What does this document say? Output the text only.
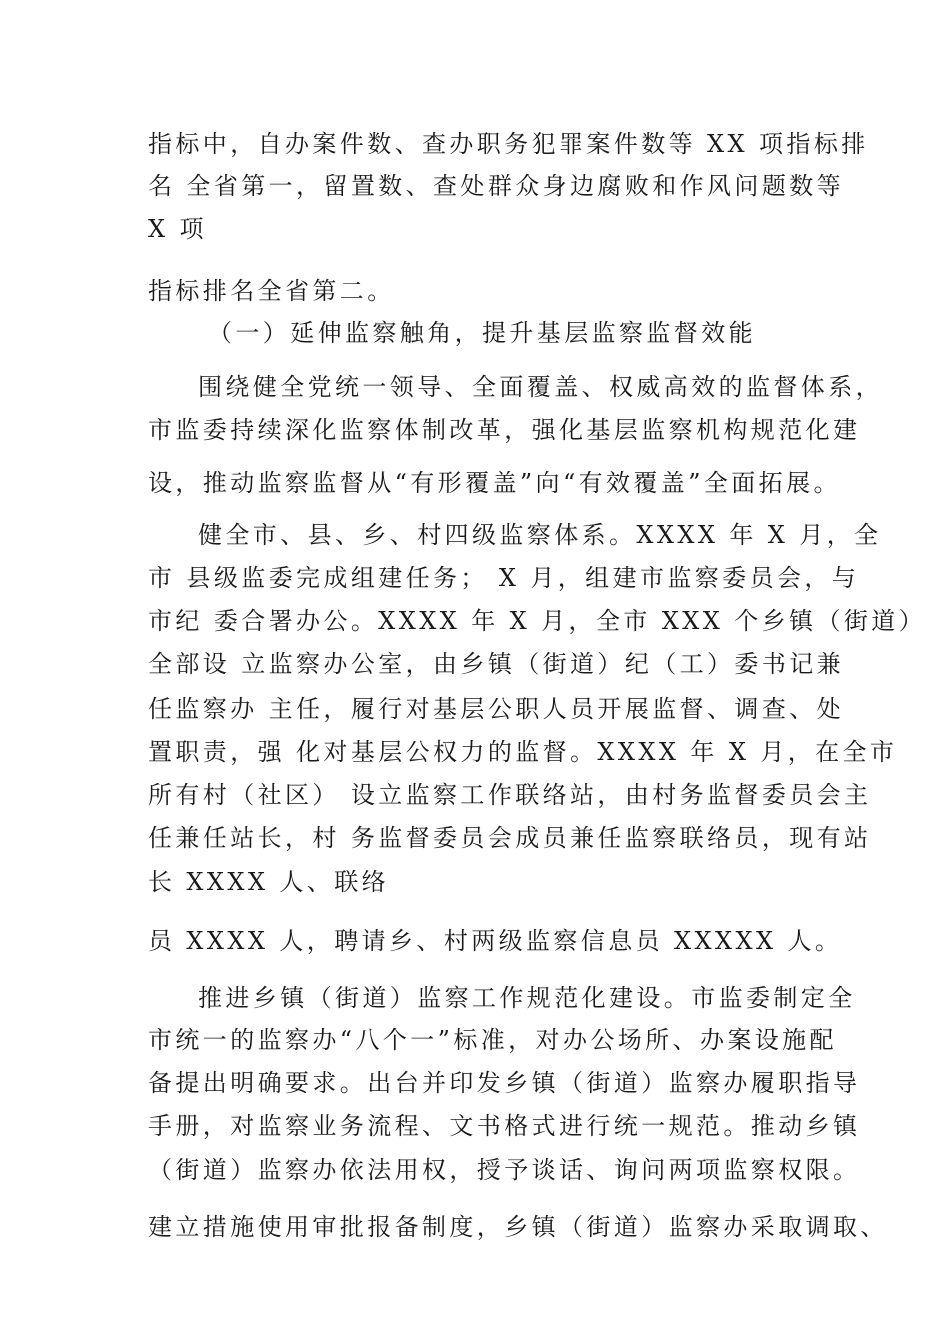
指标中，自办案件数、查办职务犯罪案件数等 XX 项指标排
名 全省第一，留置数、查处群众身边腐败和作风问题数等
X 项
指标排名全省第二。
（一）延伸监察触角，提升基层监察监督效能
围绕健全党统一领导、全面覆盖、权威高效的监督体系，
市监委持续深化监察体制改革，强化基层监察机构规范化建
设，推动监察监督从“有形覆盖”向“有效覆盖”全面拓展。
健全市、县、乡、村四级监察体系。XXXX 年 X 月，全
市 县级监委完成组建任务； X 月，组建市监察委员会，与
市纪 委合署办公。XXXX 年 X 月，全市 XXX 个乡镇（街道）
全部设 立监察办公室，由乡镇（街道）纪（工）委书记兼
任监察办 主任，履行对基层公职人员开展监督、调查、处
置职责，强 化对基层公权力的监督。XXXX 年 X 月，在全市
所有村（社区） 设立监察工作联络站，由村务监督委员会主
任兼任站长，村 务监督委员会成员兼任监察联络员，现有站
长 XXXX 人、联络
员 XXXX 人，聘请乡、村两级监察信息员 XXXXX 人。
推进乡镇（街道）监察工作规范化建设。市监委制定全
市统一的监察办“八个一”标准，对办公场所、办案设施配
备提出明确要求。出台并印发乡镇（街道）监察办履职指导
手册，对监察业务流程、文书格式进行统一规范。推动乡镇
（街道）监察办依法用权，授予谈话、询问两项监察权限。
建立措施使用审批报备制度，乡镇（街道）监察办采取调取、
